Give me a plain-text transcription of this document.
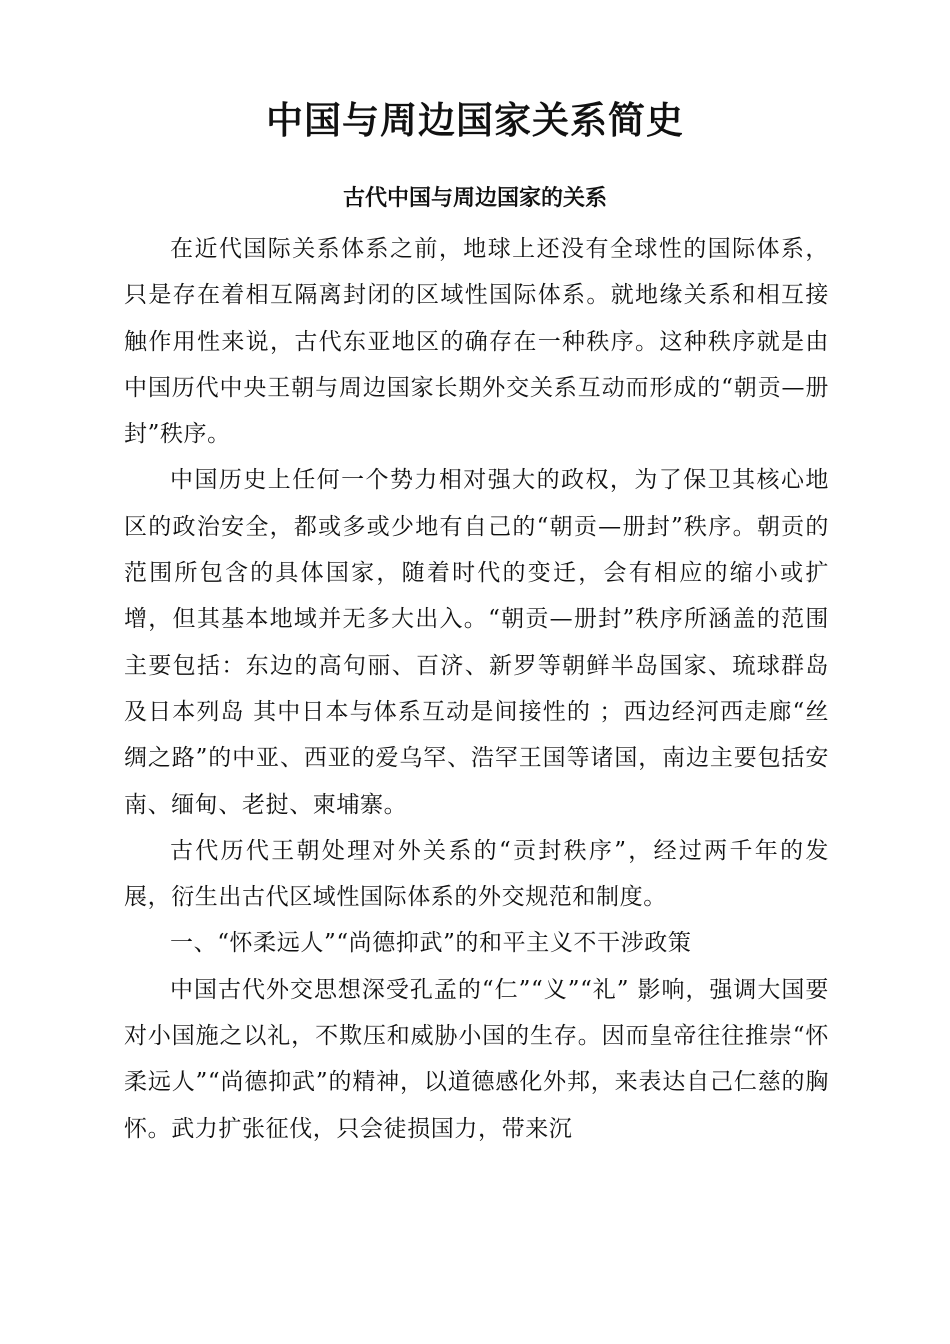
中国与周边国家关系简史
古代中国与周边国家的关系

在近代国际关系体系之前，地球上还没有全球性的国际体系，只是存在着相互隔离封闭的区域性国际体系。就地缘关系和相互接触作用性来说，古代东亚地区的确存在一种秩序。这种秩序就是由中国历代中央王朝与周边国家长期外交关系互动而形成的“朝贡—册封”秩序。

中国历史上任何一个势力相对强大的政权，为了保卫其核心地区的政治安全，都或多或少地有自己的“朝贡—册封”秩序。朝贡的范围所包含的具体国家，随着时代的变迁，会有相应的缩小或扩增，但其基本地域并无多大出入。“朝贡—册封”秩序所涵盖的范围主要包括：东边的高句丽、百济、新罗等朝鲜半岛国家、琉球群岛及日本列岛 其中日本与体系互动是间接性的 ；西边经河西走廊“丝绸之路”的中亚、西亚的爱乌罕、浩罕王国等诸国，南边主要包括安南、缅甸、老挝、柬埔寨。

古代历代王朝处理对外关系的“贡封秩序”，经过两千年的发展，衍生出古代区域性国际体系的外交规范和制度。

一、“怀柔远人”“尚德抑武”的和平主义不干涉政策

中国古代外交思想深受孔孟的“仁”“义”“礼” 影响，强调大国要对小国施之以礼，不欺压和威胁小国的生存。因而皇帝往往推崇“怀柔远人”“尚德抑武”的精神，以道德感化外邦，来表达自己仁慈的胸怀。武力扩张征伐，只会徒损国力，带来沉
